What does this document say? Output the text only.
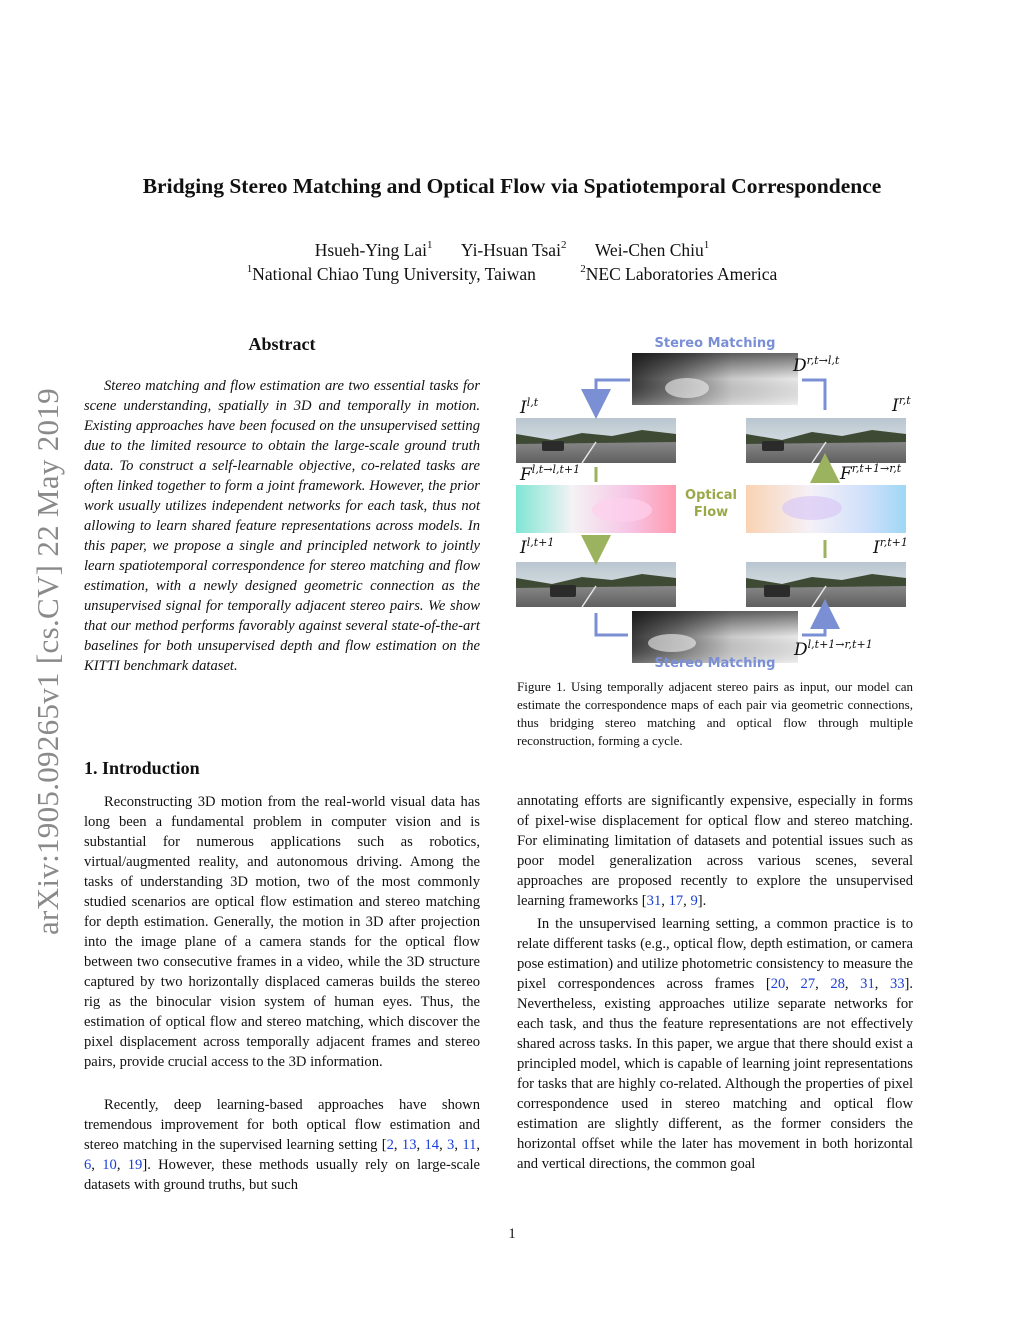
Bridging Stereo Matching and Optical Flow via Spatiotemporal Correspondence
Hsueh-Ying Lai$^1$ Yi-Hsuan Tsai$^2$ Wei-Chen Chiu$^1$
$^1$National Chiao Tung University, Taiwan	$^2$NEC Laboratories America
arXiv:1905.09265v1 [cs.CV] 22 May 2019
Abstract

Stereo matching and flow estimation are two essential tasks for scene understanding, spatially in 3D and temporally in motion. Existing approaches have been focused on the unsupervised setting due to the limited resource to obtain the large-scale ground truth data. To construct a self-learnable objective, co-related tasks are often linked together to form a joint framework. However, the prior work usually utilizes independent networks for each task, thus not allowing to learn shared feature representations across models. In this paper, we propose a single and principled network to jointly learn spatiotemporal correspondence for stereo matching and flow estimation, with a newly designed geometric connection as the unsupervised signal for temporally adjacent stereo pairs. We show that our method performs favorably against several state-of-the-art baselines for both unsupervised depth and flow estimation on the KITTI benchmark dataset.

1. Introduction

Reconstructing 3D motion from the real-world visual data has long been a fundamental problem in computer vision and is substantial for numerous applications such as robotics, virtual/augmented reality, and autonomous driving. Among the tasks of understanding 3D motion, two of the most commonly studied scenarios are optical flow estimation and stereo matching for depth estimation. Generally, the motion in 3D after projection into the image plane of a camera stands for the optical flow between two consecutive frames in a video, while the 3D structure captured by two horizontally displaced cameras builds the stereo rig as the binocular vision system of human eyes. Thus, the estimation of optical flow and stereo matching, which discover the pixel displacement across temporally adjacent frames and stereo pairs, provide crucial access to the 3D information.

Recently, deep learning-based approaches have shown tremendous improvement for both optical flow estimation and stereo matching in the supervised learning setting [2, 13, 14, 3, 11, 6, 10, 19]. However, these methods usually rely on large-scale datasets with ground truths, but such

Stereo Matching
Stereo Matching
Optical
Flow
$D^{r,t\to l,t}$
I$^{l,t}$	I$^{r,t}$
$F^{l,t\to l,t+1}$	$F^{r,t+1\to r,t}$
$I^{l,t+1}$	$I^{r,t+1}$
$D^{l,t+1\to r,t+1}$

Figure 1. Using temporally adjacent stereo pairs as input, our model can estimate the correspondence maps of each pair via geometric connections, thus bridging stereo matching and optical flow through multiple reconstruction, forming a cycle.

annotating efforts are significantly expensive, especially in forms of pixel-wise displacement for optical flow and stereo matching. For eliminating limitation of datasets and potential issues such as poor model generalization across various scenes, several approaches are proposed recently to explore the unsupervised learning frameworks [31, 17, 9].

In the unsupervised learning setting, a common practice is to relate different tasks (e.g., optical flow, depth estimation, or camera pose estimation) and utilize photometric consistency to measure the pixel correspondences across frames [20, 27, 28, 31, 33]. Nevertheless, existing approaches utilize separate networks for each task, and thus the feature representations are not effectively shared across tasks. In this paper, we argue that there should exist a principled model, which is capable of learning joint representations for tasks that are highly co-related. Although the properties of pixel correspondence used in stereo matching and optical flow estimation are slightly different, as the former considers the horizontal offset while the later has movement in both horizontal and vertical directions, the common goal

1
